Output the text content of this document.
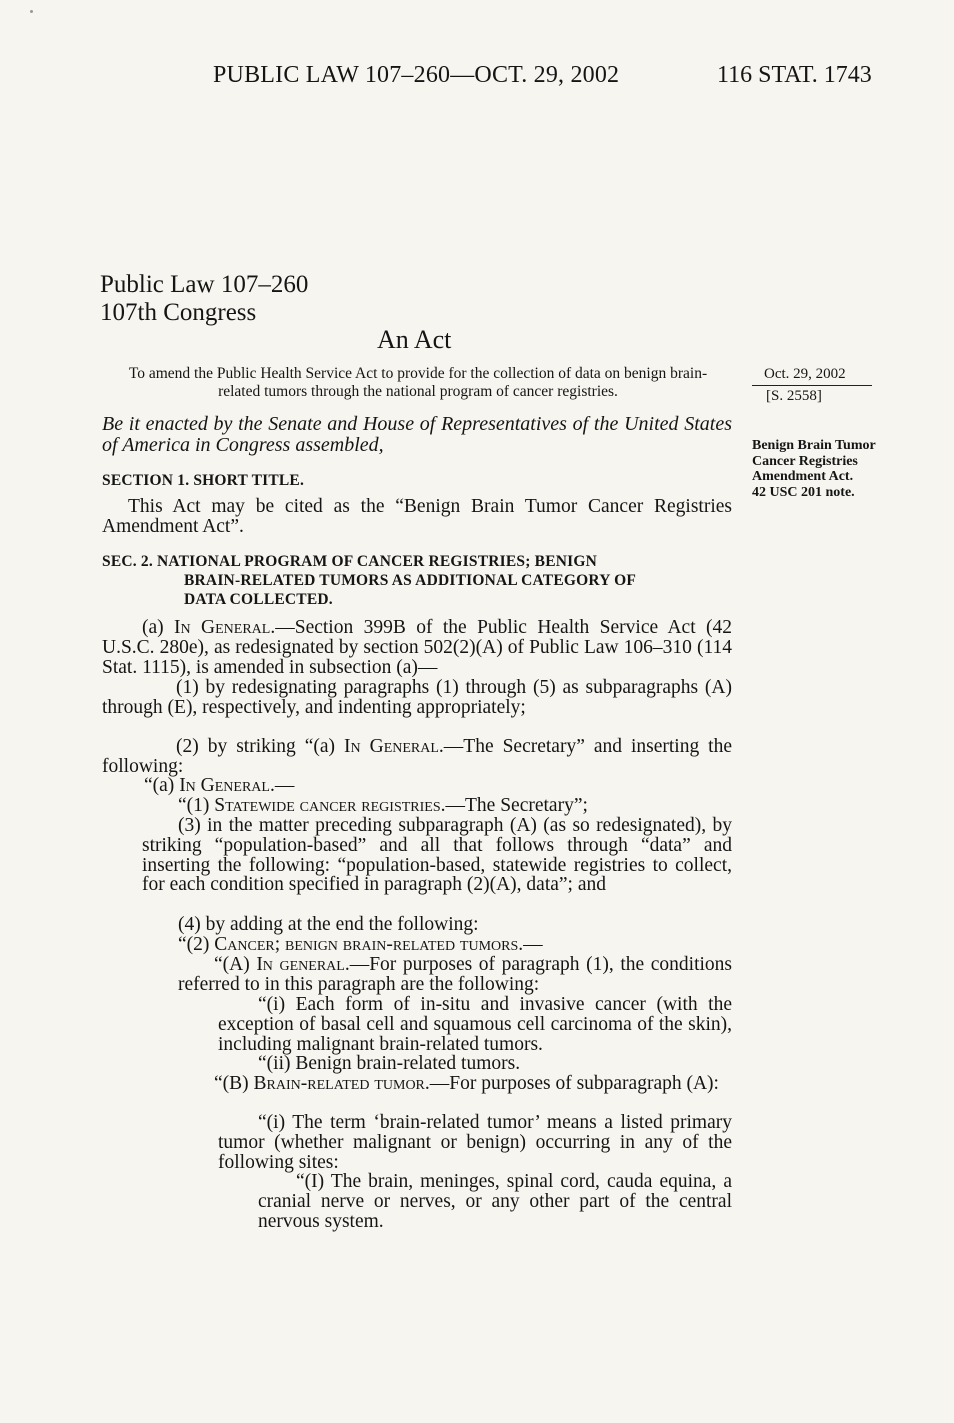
PUBLIC LAW 107–260—OCT. 29, 2002	116 STAT. 1743
Public Law 107–260
107th Congress
An Act
To amend the Public Health Service Act to provide for the collection of data on benign brain-related tumors through the national program of cancer registries.
Oct. 29, 2002
[S. 2558]
Benign Brain Tumor Cancer Registries Amendment Act.
42 USC 201 note.
Be it enacted by the Senate and House of Representatives of the United States of America in Congress assembled,
SECTION 1. SHORT TITLE.
This Act may be cited as the “Benign Brain Tumor Cancer Registries Amendment Act”.
SEC. 2. NATIONAL PROGRAM OF CANCER REGISTRIES; BENIGN
BRAIN-RELATED TUMORS AS ADDITIONAL CATEGORY OF
DATA COLLECTED.
(a) In General.—Section 399B of the Public Health Service Act (42 U.S.C. 280e), as redesignated by section 502(2)(A) of Public Law 106–310 (114 Stat. 1115), is amended in subsection (a)—
(1) by redesignating paragraphs (1) through (5) as subparagraphs (A) through (E), respectively, and indenting appropriately;
(2) by striking “(a) In General.—The Secretary” and inserting the following:
“(a) In General.—
“(1) Statewide cancer registries.—The Secretary”;
(3) in the matter preceding subparagraph (A) (as so redesignated), by striking “population-based” and all that follows through “data” and inserting the following: “population-based, statewide registries to collect, for each condition specified in paragraph (2)(A), data”; and
(4) by adding at the end the following:
“(2) Cancer; benign brain-related tumors.—
“(A) In general.—For purposes of paragraph (1), the conditions referred to in this paragraph are the following:
“(i) Each form of in-situ and invasive cancer (with the exception of basal cell and squamous cell carcinoma of the skin), including malignant brain-related tumors.
“(ii) Benign brain-related tumors.
“(B) Brain-related tumor.—For purposes of subparagraph (A):
“(i) The term ‘brain-related tumor’ means a listed primary tumor (whether malignant or benign) occurring in any of the following sites:
“(I) The brain, meninges, spinal cord, cauda equina, a cranial nerve or nerves, or any other part of the central nervous system.
